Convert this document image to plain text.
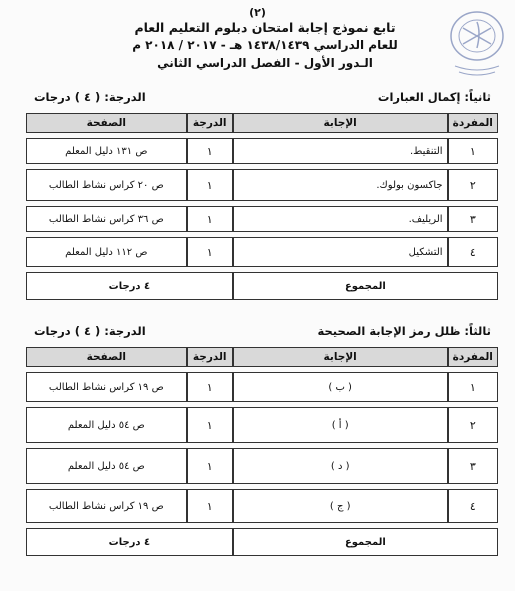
(٢)
تابع نموذج إجابة امتحان دبلوم التعليم العام
للعام الدراسي ١٤٣٨/١٤٣٩ هـ - ٢٠١٧ / ٢٠١٨ م
الـدور الأول - الفصل الدراسي الثاني
ثانياً: إكمال العبارات
الدرجة: ( ٤ ) درجات
المفردة	الإجابة	الدرجة	الصفحة
١	التنقيط.	١	ص ١٣١ دليل المعلم
٢	جاكسون بولوك.	١	ص ٢٠ كراس نشاط الطالب
٣	الريليف.	١	ص ٣٦ كراس نشاط الطالب
٤	التشكيل	١	ص ١١٢ دليل المعلم
المجموع		٤ درجات	
ثالثاً: ظلل رمز الإجابة الصحيحة
الدرجة: ( ٤ ) درجات
المفردة	الإجابة	الدرجة	الصفحة
١	( ب )	١	ص ١٩ كراس نشاط الطالب
٢	( أ )	١	ص ٥٤ دليل المعلم
٣	( د )	١	ص ٥٤ دليل المعلم
٤	( ج )	١	ص ١٩ كراس نشاط الطالب
المجموع		٤ درجات	
